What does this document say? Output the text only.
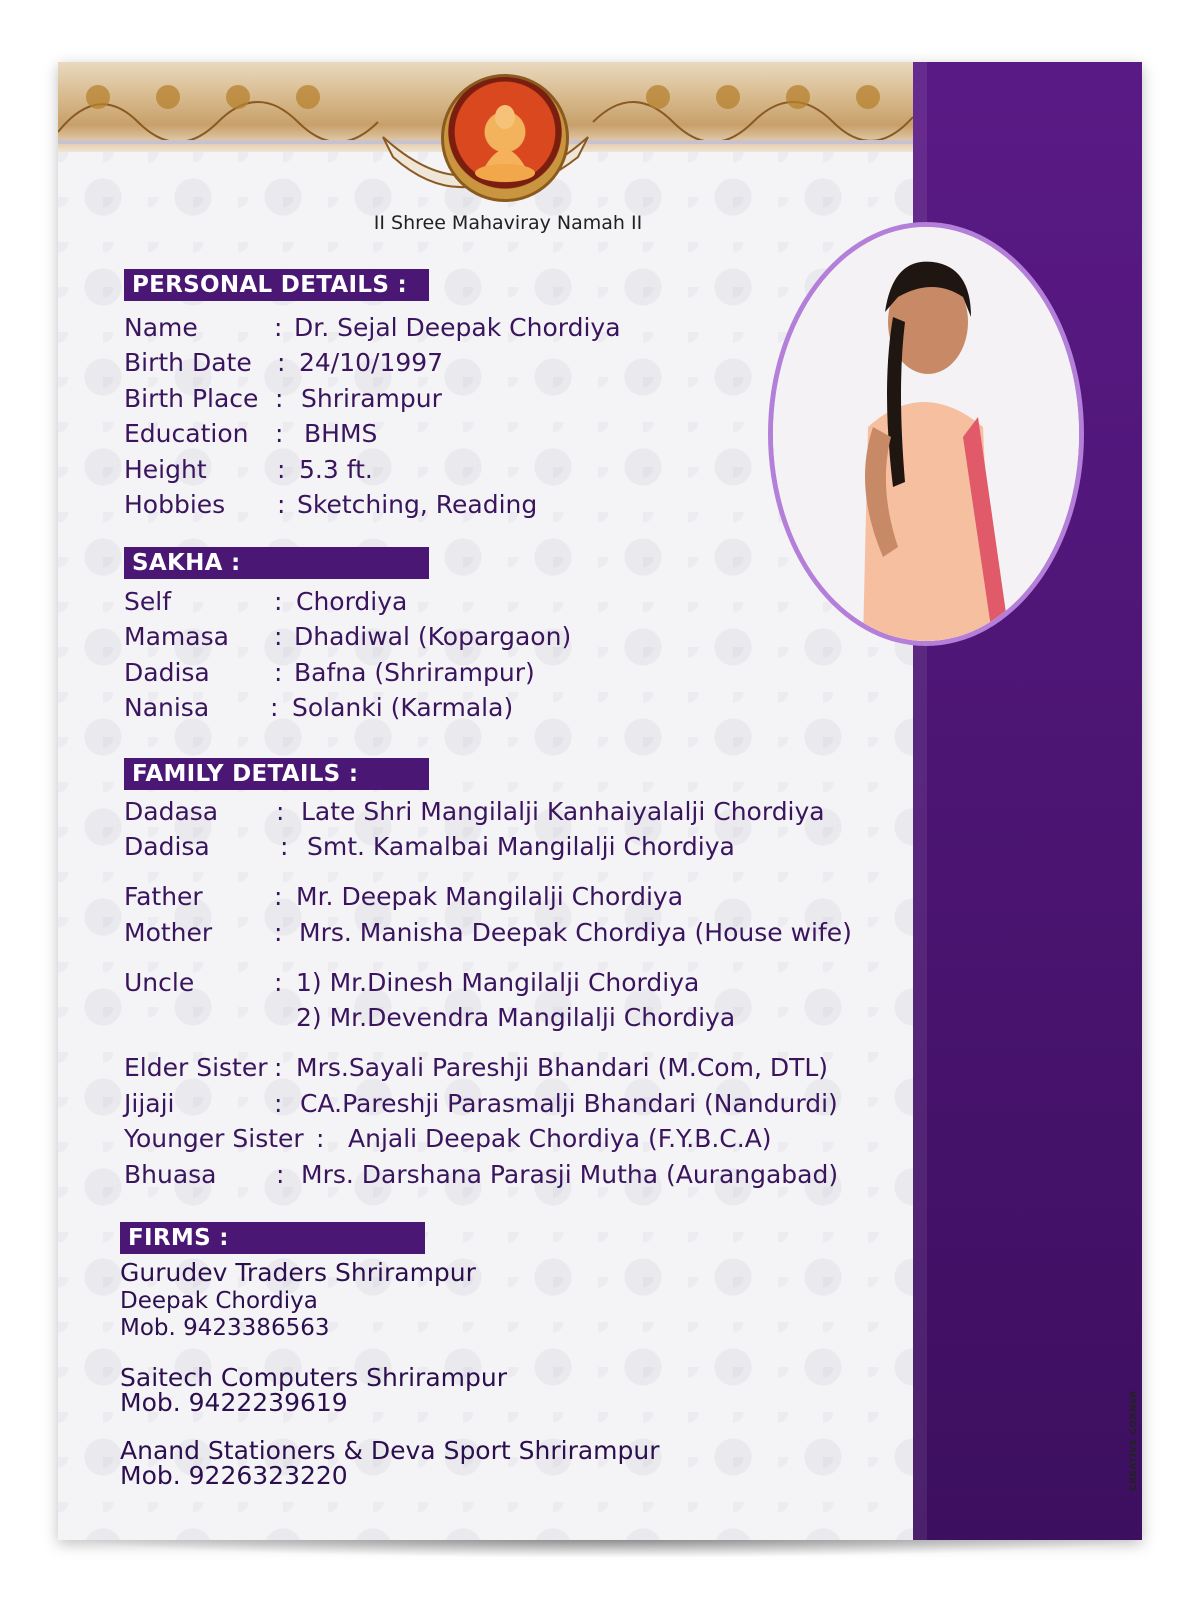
II Shree Mahaviray Namah II
PERSONAL DETAILS :
SAKHA :
FAMILY DETAILS :
FIRMS :
Gurudev Traders Shrirampur
Deepak Chordiya
Mob. 9423386563
Saitech Computers Shrirampur
Mob. 9422239619
Anand Stationers & Deva Sport Shrirampur
Mob. 9226323220
Name	: Dr. Sejal Deepak Chordiya
Birth Date : 24/10/1997
Birth Place : Shrirampur
Education : BHMS
Height	: 5.3 ft.
Hobbies : Sketching, Reading
Self	: Chordiya
Mamasa : Dhadiwal (Kopargaon)
Dadisa	: Bafna (Shrirampur)
Nanisa : Solanki (Karmala)
Dadasa : Late Shri Mangilalji Kanhaiyalalji Chordiya
Dadisa	: Smt. Kamalbai Mangilalji Chordiya
Father	: Mr. Deepak Mangilalji Chordiya
Mother : Mrs. Manisha Deepak Chordiya (House wife)
Uncle	: 1) Mr.Dinesh Mangilalji Chordiya
2) Mr.Devendra Mangilalji Chordiya
Elder Sister : Mrs.Sayali Pareshji Bhandari (M.Com, DTL)
Jijaji	: CA.Pareshji Parasmalji Bhandari (Nandurdi)
Younger Sister : Anjali Deepak Chordiya (F.Y.B.C.A)
Bhuasa : Mrs. Darshana Parasji Mutha (Aurangabad)
CREATIVE CORNER
